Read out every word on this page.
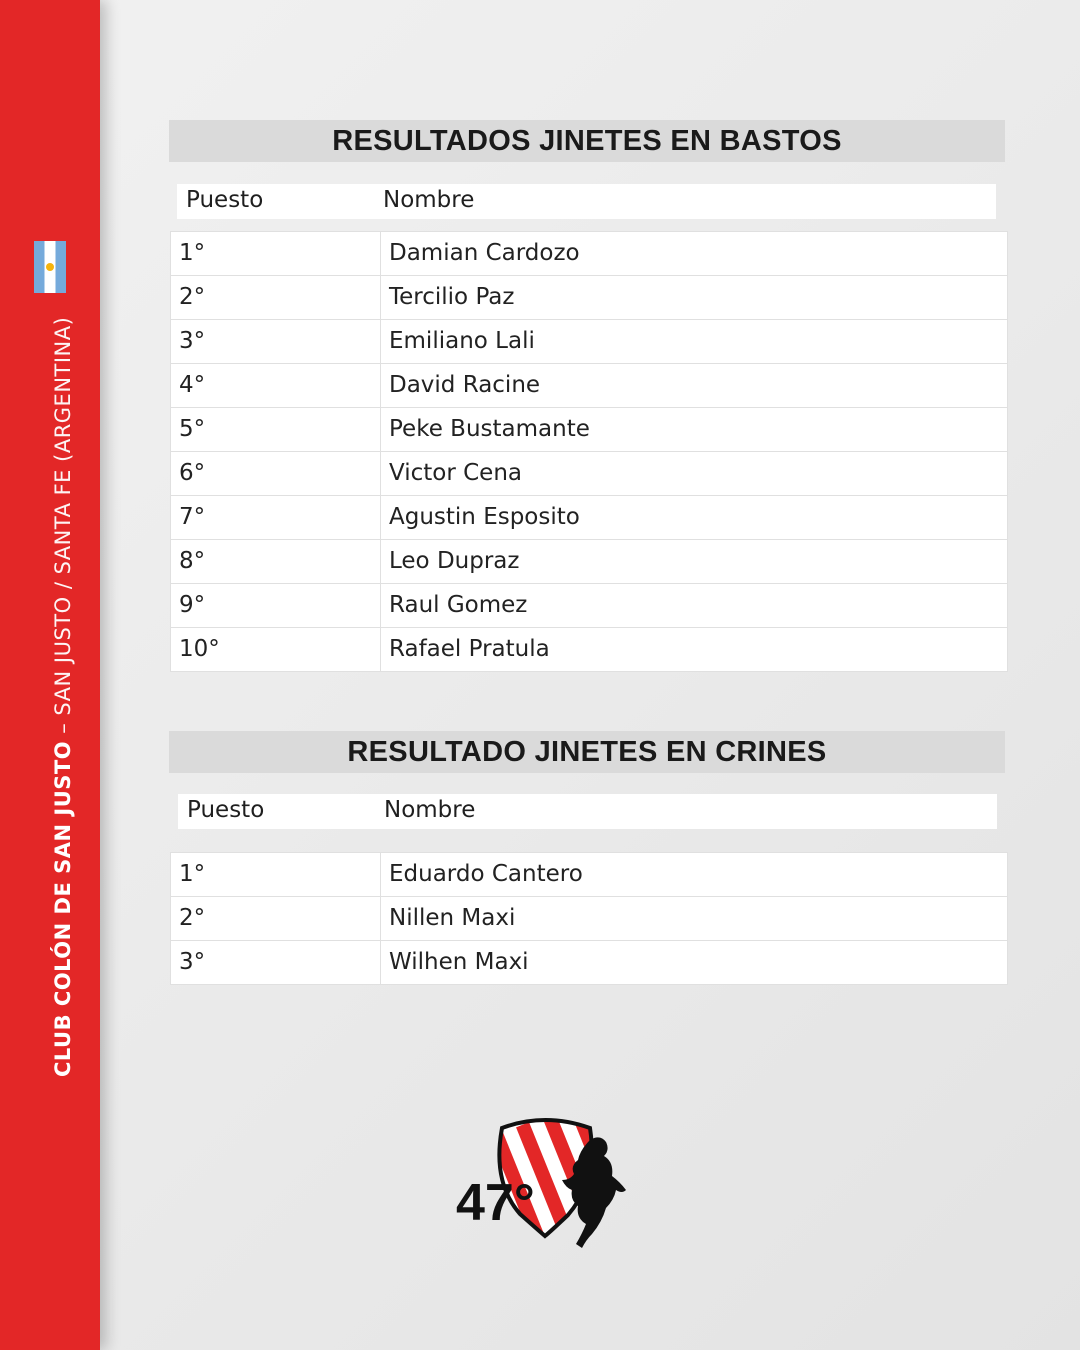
CLUB COLÓN DE SAN JUSTO – SAN JUSTO / SANTA FE (ARGENTINA)
RESULTADOS JINETES EN BASTOS
Puesto	Nombre
1°	Damian Cardozo
2°	Tercilio Paz
3°	Emiliano Lali
4°	David Racine
5°	Peke Bustamante
6°	Victor Cena
7°	Agustin Esposito
8°	Leo Dupraz
9°	Raul Gomez
10°	Rafael Pratula
RESULTADO JINETES EN CRINES
Puesto	Nombre
1°	Eduardo Cantero
2°	Nillen Maxi
3°	Wilhen Maxi
47°
